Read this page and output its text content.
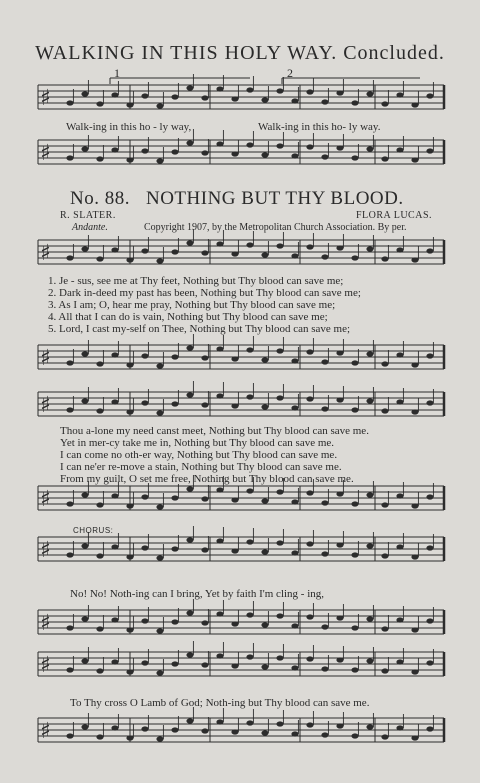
WALKING IN THIS HOLY WAY. Concluded.
♯
♯
♯
♯
♯
♯
♯
♯
♯
♯
1	2
Walk-ing in this ho - ly way,	Walk-ing in this ho- ly way.
No. 88. NOTHING BUT THY BLOOD.
R. SLATER.	FLORA LUCAS.
Andante.	Copyright 1907, by the Metropolitan Church Association. By per.
1. Je - sus, see me at Thy feet, Nothing but Thy blood can save me;
2. Dark in-deed my past has been, Nothing but Thy blood can save me;
3. As I am; O, hear me pray, Nothing but Thy blood can save me;
4. All that I can do is vain, Nothing but Thy blood can save me;
5. Lord, I cast my-self on Thee, Nothing but Thy blood can save me;
Thou a-lone my need canst meet, Nothing but Thy blood can save me.
Yet in mer-cy take me in, Nothing but Thy blood can save me.
I can come no oth-er way, Nothing but Thy blood can save me.
I can ne'er re-move a stain, Nothing but Thy blood can save me.
From my guilt, O set me free, Nothing but Thy blood can save me.
CHORUS:
No! No! Noth-ing can I bring, Yet by faith I'm cling - ing,
To Thy cross O Lamb of God; Noth-ing but Thy blood can save me.
